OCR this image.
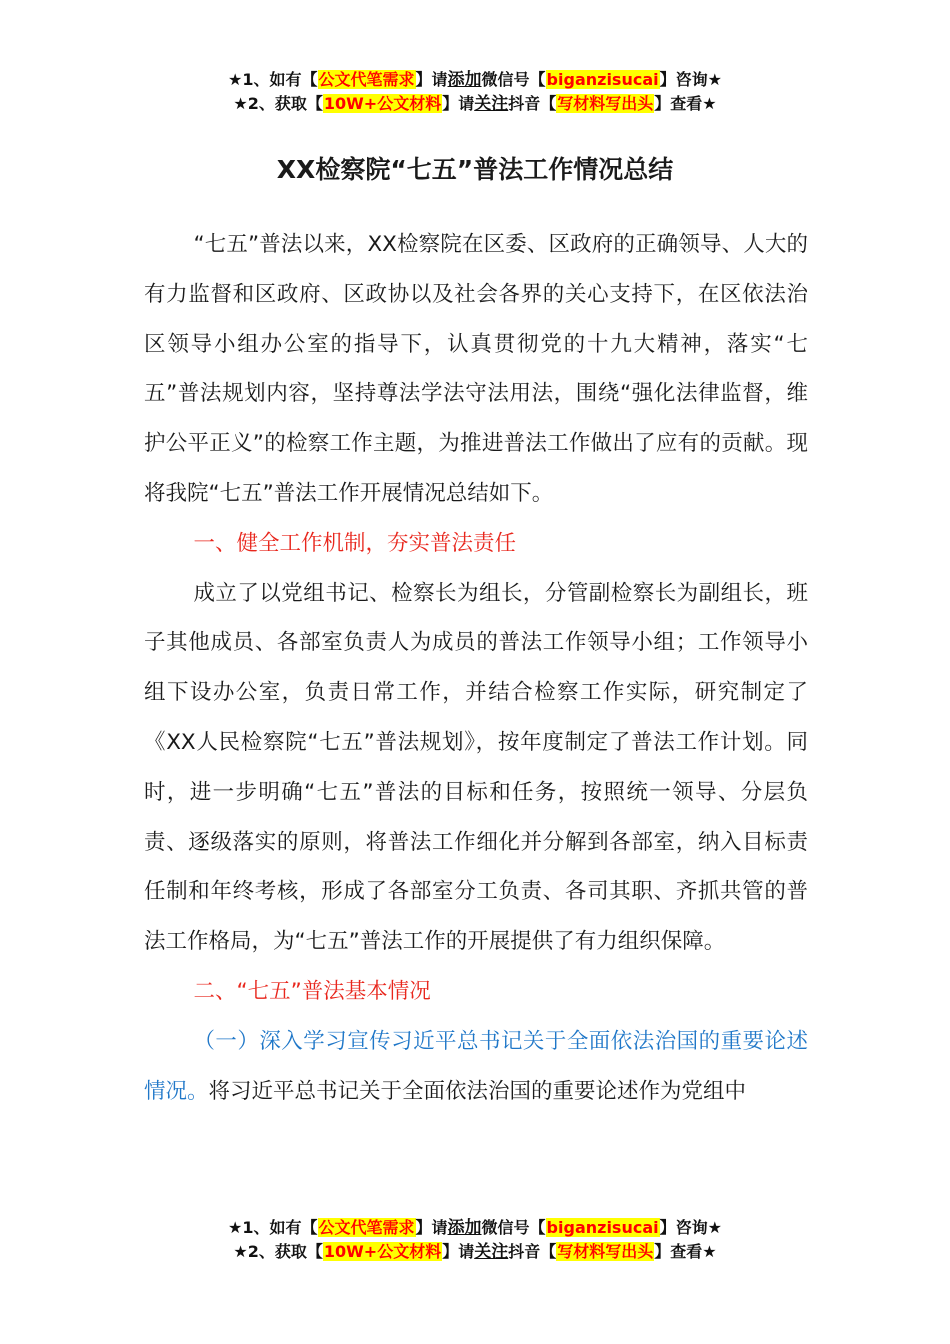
★1、如有【公文代笔需求】请添加微信号【biganzisucai】咨询★
★2、获取【10W+公文材料】请关注抖音【写材料写出头】查看★
XX检察院“七五”普法工作情况总结

“七五”普法以来，XX检察院在区委、区政府的正确领导、人大的有力监督和区政府、区政协以及社会各界的关心支持下，在区依法治区领导小组办公室的指导下，认真贯彻党的十九大精神，落实“七五”普法规划内容，坚持尊法学法守法用法，围绕“强化法律监督，维护公平正义”的检察工作主题，为推进普法工作做出了应有的贡献。现将我院“七五”普法工作开展情况总结如下。

一、健全工作机制，夯实普法责任

成立了以党组书记、检察长为组长，分管副检察长为副组长，班子其他成员、各部室负责人为成员的普法工作领导小组；工作领导小组下设办公室，负责日常工作，并结合检察工作实际，研究制定了《XX人民检察院“七五”普法规划》，按年度制定了普法工作计划。同时，进一步明确“七五”普法的目标和任务，按照统一领导、分层负责、逐级落实的原则，将普法工作细化并分解到各部室，纳入目标责任制和年终考核，形成了各部室分工负责、各司其职、齐抓共管的普法工作格局，为“七五”普法工作的开展提供了有力组织保障。

二、“七五”普法基本情况

（一）深入学习宣传习近平总书记关于全面依法治国的重要论述情况。将习近平总书记关于全面依法治国的重要论述作为党组中

★1、如有【公文代笔需求】请添加微信号【biganzisucai】咨询★
★2、获取【10W+公文材料】请关注抖音【写材料写出头】查看★
